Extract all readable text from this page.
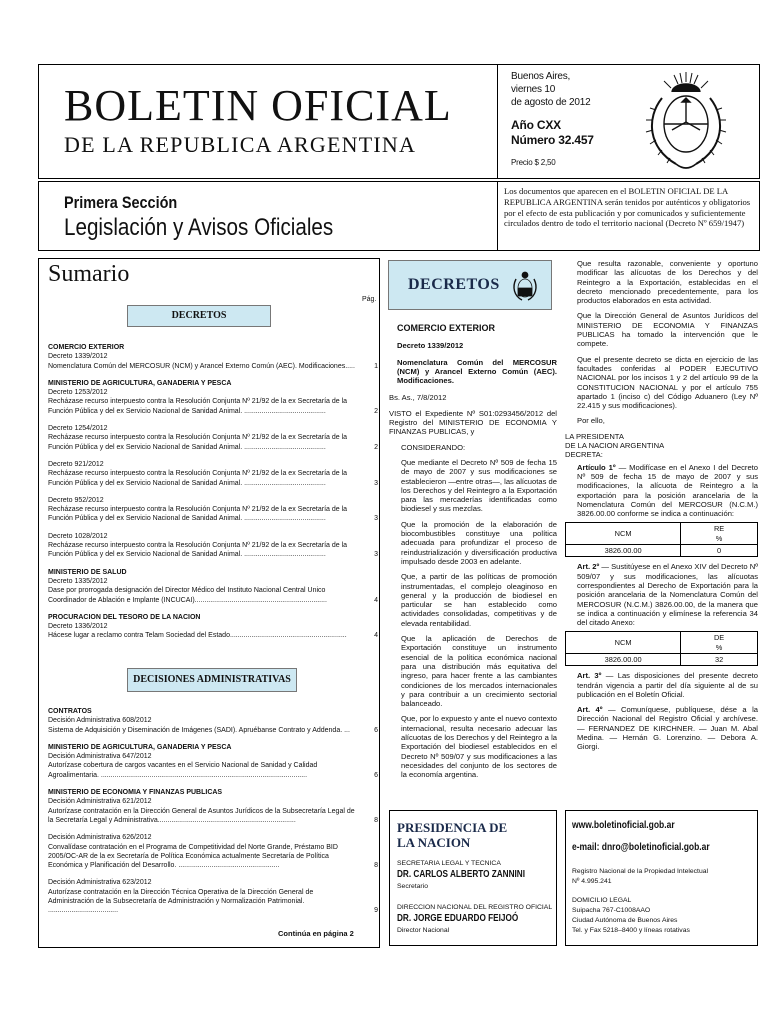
BOLETIN OFICIAL
DE LA REPUBLICA ARGENTINA
Buenos Aires,
viernes 10
de agosto de 2012
Año CXX
Número 32.457
Precio $ 2,50
Primera Sección
Legislación y Avisos Oficiales
Los documentos que aparecen en el BOLETIN OFICIAL DE LA REPUBLICA ARGENTINA serán tenidos por auténticos y obligatorios por el efecto de esta publicación y por comunicados y suficientemente circulados dentro de todo el territorio nacional (Decreto Nº 659/1947)
Sumario
Pág.
DECRETOS
COMERCIO EXTERIOR
Decreto 1339/2012
Nomenclatura Común del MERCOSUR (NCM) y Arancel Externo Común (AEC). Modificaciones.....	1
MINISTERIO DE AGRICULTURA, GANADERIA Y PESCA
Decreto 1253/2012
Recházase recurso interpuesto contra la Resolución Conjunta Nº 21/92 de la ex Secretaría de la Función Pública y del ex Servicio Nacional de Sanidad Animal. ..........................................	2
Decreto 1254/2012
Recházase recurso interpuesto contra la Resolución Conjunta Nº 21/92 de la ex Secretaría de la Función Pública y del ex Servicio Nacional de Sanidad Animal. ..........................................	2
Decreto 921/2012
Recházase recurso interpuesto contra la Resolución Conjunta Nº 21/92 de la ex Secretaría de la Función Pública y del ex Servicio Nacional de Sanidad Animal. ..........................................	3
Decreto 952/2012
Recházase recurso interpuesto contra la Resolución Conjunta Nº 21/92 de la ex Secretaría de la Función Pública y del ex Servicio Nacional de Sanidad Animal. ..........................................	3
Decreto 1028/2012
Recházase recurso interpuesto contra la Resolución Conjunta Nº 21/92 de la ex Secretaría de la Función Pública y del ex Servicio Nacional de Sanidad Animal. ..........................................	3
MINISTERIO DE SALUD
Decreto 1335/2012
Dase por prorrogada designación del Director Médico del Instituto Nacional Central Unico Coordinador de Ablación e Implante (INCUCAI)....................................................................	4
PROCURACION DEL TESORO DE LA NACION
Decreto 1336/2012
Hácese lugar a reclamo contra Telam Sociedad del Estado............................................................	4
DECISIONES ADMINISTRATIVAS
CONTRATOS
Decisión Administrativa 608/2012
Sistema de Adquisición y Diseminación de Imágenes (SADI). Apruébanse Contrato y Addenda. ...	6
MINISTERIO DE AGRICULTURA, GANADERIA Y PESCA
Decisión Administrativa 647/2012
Autorízase cobertura de cargos vacantes en el Servicio Nacional de Sanidad y Calidad Agroalimentaria. ..........................................................................................................	6
MINISTERIO DE ECONOMIA Y FINANZAS PUBLICAS
Decisión Administrativa 621/2012
Autorízase contratación en la Dirección General de Asuntos Jurídicos de la Subsecretaría Legal de la Secretaría Legal y Administrativa.......................................................................	8
Decisión Administrativa 626/2012
Convalídase contratación en el Programa de Competitividad del Norte Grande, Préstamo BID 2005/OC-AR de la ex Secretaría de Política Económica actualmente Secretaría de Política Económica y Planificación del Desarrollo. ....................................................	8
Decisión Administrativa 623/2012
Autorízase contratación en la Dirección Técnica Operativa de la Dirección General de Administración de la Subsecretaría de Administración y Normalización Patrimonial. ....................................	9
Continúa en página 2
DECRETOS
COMERCIO EXTERIOR
Decreto 1339/2012
Nomenclatura Común del MERCOSUR (NCM) y Arancel Externo Común (AEC). Modificaciones.
Bs. As., 7/8/2012
VISTO el Expediente Nº S01:0293456/2012 del Registro del MINISTERIO DE ECONOMIA Y FINANZAS PUBLICAS, y
CONSIDERANDO:
Que mediante el Decreto Nº 509 de fecha 15 de mayo de 2007 y sus modificaciones se establecieron —entre otras—, las alícuotas de los Derechos y del Reintegro a la Exportación para las mercaderías identificadas como biodiesel y sus mezclas.
Que la promoción de la elaboración de biocombustibles constituye una política adecuada para profundizar el proceso de reindustrialización y diversificación productiva impulsado desde 2003 en adelante.
Que, a partir de las políticas de promoción instrumentadas, el complejo oleaginoso en general y la producción de biodiesel en particular se han establecido como actividades consolidadas, competitivas y de elevada rentabilidad.
Que la aplicación de Derechos de Exportación constituye un instrumento esencial de la política económica nacional para una distribución más equitativa del ingreso, para hacer frente a las cambiantes condiciones de los mercados internacionales y para contribuir a un crecimiento sectorial balanceado.
Que, por lo expuesto y ante el nuevo contexto internacional, resulta necesario adecuar las alícuotas de los Derechos y del Reintegro a la Exportación del biodiesel establecidos en el Decreto Nº 509/07 y sus modificaciones a las necesidades del conjunto de los sectores de la economía argentina.
Que resulta razonable, conveniente y oportuno modificar las alícuotas de los Derechos y del Reintegro a la Exportación, establecidas en el decreto mencionado precedentemente, para los productos elaborados en esta actividad.
Que la Dirección General de Asuntos Jurídicos del MINISTERIO DE ECONOMIA Y FINANZAS PUBLICAS ha tomado la intervención que le compete.
Que el presente decreto se dicta en ejercicio de las facultades conferidas al PODER EJECUTIVO NACIONAL por los incisos 1 y 2 del artículo 99 de la CONSTITUCION NACIONAL y por el artículo 755 apartado 1 (inciso c) del Código Aduanero (Ley Nº 22.415 y sus modificaciones).
Por ello,
LA PRESIDENTA
DE LA NACION ARGENTINA
DECRETA:
Artículo 1º — Modifícase en el Anexo I del Decreto Nº 509 de fecha 15 de mayo de 2007 y sus modificaciones, la alícuota de Reintegro a la exportación para la posición arancelaria de la Nomenclatura Común del MERCOSUR (N.C.M.) 3826.00.00 conforme se indica a continuación:
NCM	RE
%
3826.00.00	0
Art. 2º — Sustitúyese en el Anexo XIV del Decreto Nº 509/07 y sus modificaciones, las alícuotas correspondientes al Derecho de Exportación para la posición arancelaria de la Nomenclatura Común del MERCOSUR (N.C.M.) 3826.00.00, de la manera que se indica a continuación y elimínese la referencia 34 del citado Anexo:
NCM	DE
%
3826.00.00	32
Art. 3º — Las disposiciones del presente decreto tendrán vigencia a partir del día siguiente al de su publicación en el Boletín Oficial.
Art. 4º — Comuníquese, publíquese, dése a la Dirección Nacional del Registro Oficial y archívese. — FERNANDEZ DE KIRCHNER. — Juan M. Abal Medina. — Hernán G. Lorenzino. — Debora A. Giorgi.
PRESIDENCIA DE
LA NACION
SECRETARIA LEGAL Y TECNICA
DR. CARLOS ALBERTO ZANNINI
Secretario
DIRECCION NACIONAL DEL REGISTRO OFICIAL
DR. JORGE EDUARDO FEIJOÓ
Director Nacional
www.boletinoficial.gob.ar
e-mail: dnro@boletinoficial.gob.ar
Registro Nacional de la Propiedad Intelectual
Nº 4.995.241
DOMICILIO LEGAL
Suipacha 767-C1008AAO
Ciudad Autónoma de Buenos Aires
Tel. y Fax 5218–8400 y líneas rotativas
